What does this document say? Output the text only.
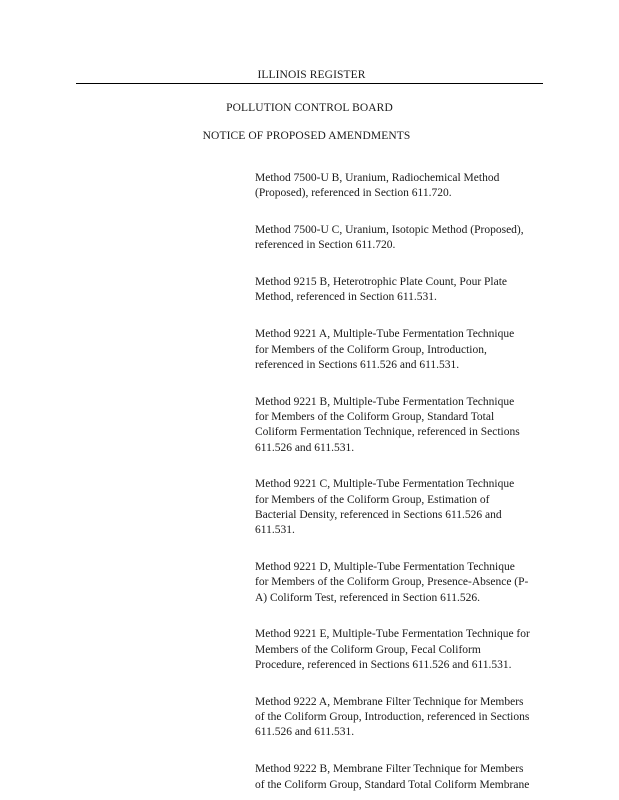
ILLINOIS REGISTER
POLLUTION CONTROL BOARD
NOTICE OF PROPOSED AMENDMENTS
Method 7500-U B, Uranium, Radiochemical Method
(Proposed), referenced in Section 611.720.
Method 7500-U C, Uranium, Isotopic Method (Proposed),
referenced in Section 611.720.
Method 9215 B, Heterotrophic Plate Count, Pour Plate
Method, referenced in Section 611.531.
Method 9221 A, Multiple-Tube Fermentation Technique
for Members of the Coliform Group, Introduction,
referenced in Sections 611.526 and 611.531.
Method 9221 B, Multiple-Tube Fermentation Technique
for Members of the Coliform Group, Standard Total
Coliform Fermentation Technique, referenced in Sections
611.526 and 611.531.
Method 9221 C, Multiple-Tube Fermentation Technique
for Members of the Coliform Group, Estimation of
Bacterial Density, referenced in Sections 611.526 and
611.531.
Method 9221 D, Multiple-Tube Fermentation Technique
for Members of the Coliform Group, Presence-Absence (P-
A) Coliform Test, referenced in Section 611.526.
Method 9221 E, Multiple-Tube Fermentation Technique for
Members of the Coliform Group, Fecal Coliform
Procedure, referenced in Sections 611.526 and 611.531.
Method 9222 A, Membrane Filter Technique for Members
of the Coliform Group, Introduction, referenced in Sections
611.526 and 611.531.
Method 9222 B, Membrane Filter Technique for Members
of the Coliform Group, Standard Total Coliform Membrane
